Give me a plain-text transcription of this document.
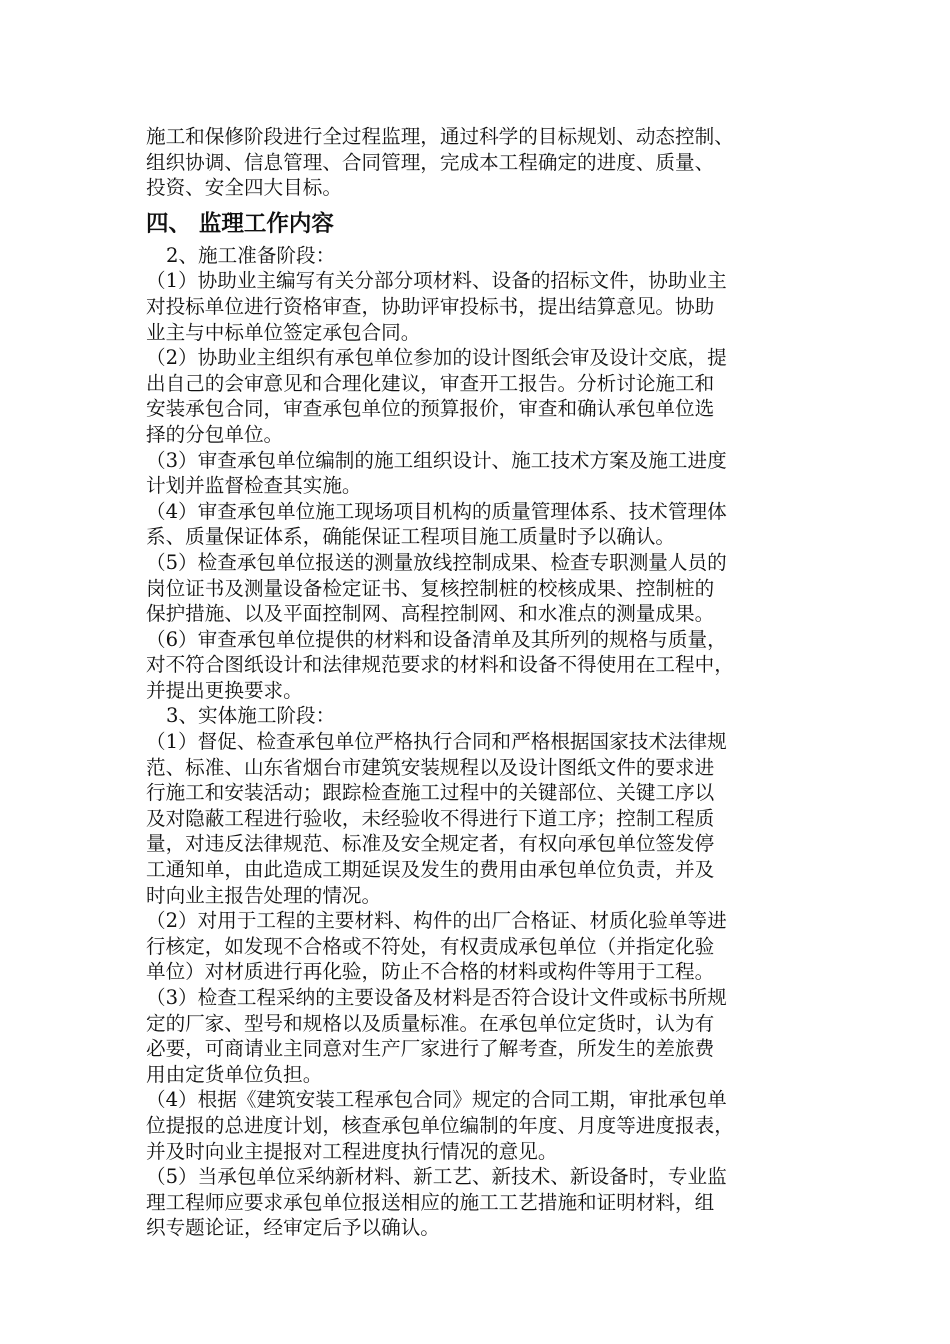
施工和保修阶段进行全过程监理，通过科学的目标规划、动态控制、
组织协调、信息管理、合同管理，完成本工程确定的进度、质量、
投资、安全四大目标。
四、 监理工作内容
2、施工准备阶段：
（1）协助业主编写有关分部分项材料、设备的招标文件，协助业主
对投标单位进行资格审查，协助评审投标书，提出结算意见。协助
业主与中标单位签定承包合同。
（2）协助业主组织有承包单位参加的设计图纸会审及设计交底，提
出自己的会审意见和合理化建议，审查开工报告。分析讨论施工和
安装承包合同，审查承包单位的预算报价，审查和确认承包单位选
择的分包单位。
（3）审查承包单位编制的施工组织设计、施工技术方案及施工进度
计划并监督检查其实施。
（4）审查承包单位施工现场项目机构的质量管理体系、技术管理体
系、质量保证体系，确能保证工程项目施工质量时予以确认。
（5）检查承包单位报送的测量放线控制成果、检查专职测量人员的
岗位证书及测量设备检定证书、复核控制桩的校核成果、控制桩的
保护措施、以及平面控制网、高程控制网、和水准点的测量成果。
（6）审查承包单位提供的材料和设备清单及其所列的规格与质量，
对不符合图纸设计和法律规范要求的材料和设备不得使用在工程中，
并提出更换要求。
3、实体施工阶段：
（1）督促、检查承包单位严格执行合同和严格根据国家技术法律规
范、标准、山东省烟台市建筑安装规程以及设计图纸文件的要求进
行施工和安装活动；跟踪检查施工过程中的关键部位、关键工序以
及对隐蔽工程进行验收，未经验收不得进行下道工序；控制工程质
量，对违反法律规范、标准及安全规定者，有权向承包单位签发停
工通知单，由此造成工期延误及发生的费用由承包单位负责，并及
时向业主报告处理的情况。
（2）对用于工程的主要材料、构件的出厂合格证、材质化验单等进
行核定，如发现不合格或不符处，有权责成承包单位（并指定化验
单位）对材质进行再化验，防止不合格的材料或构件等用于工程。
（3）检查工程采纳的主要设备及材料是否符合设计文件或标书所规
定的厂家、型号和规格以及质量标准。在承包单位定货时，认为有
必要，可商请业主同意对生产厂家进行了解考查，所发生的差旅费
用由定货单位负担。
（4）根据《建筑安装工程承包合同》规定的合同工期，审批承包单
位提报的总进度计划，核查承包单位编制的年度、月度等进度报表，
并及时向业主提报对工程进度执行情况的意见。
（5）当承包单位采纳新材料、新工艺、新技术、新设备时，专业监
理工程师应要求承包单位报送相应的施工工艺措施和证明材料，组
织专题论证，经审定后予以确认。
